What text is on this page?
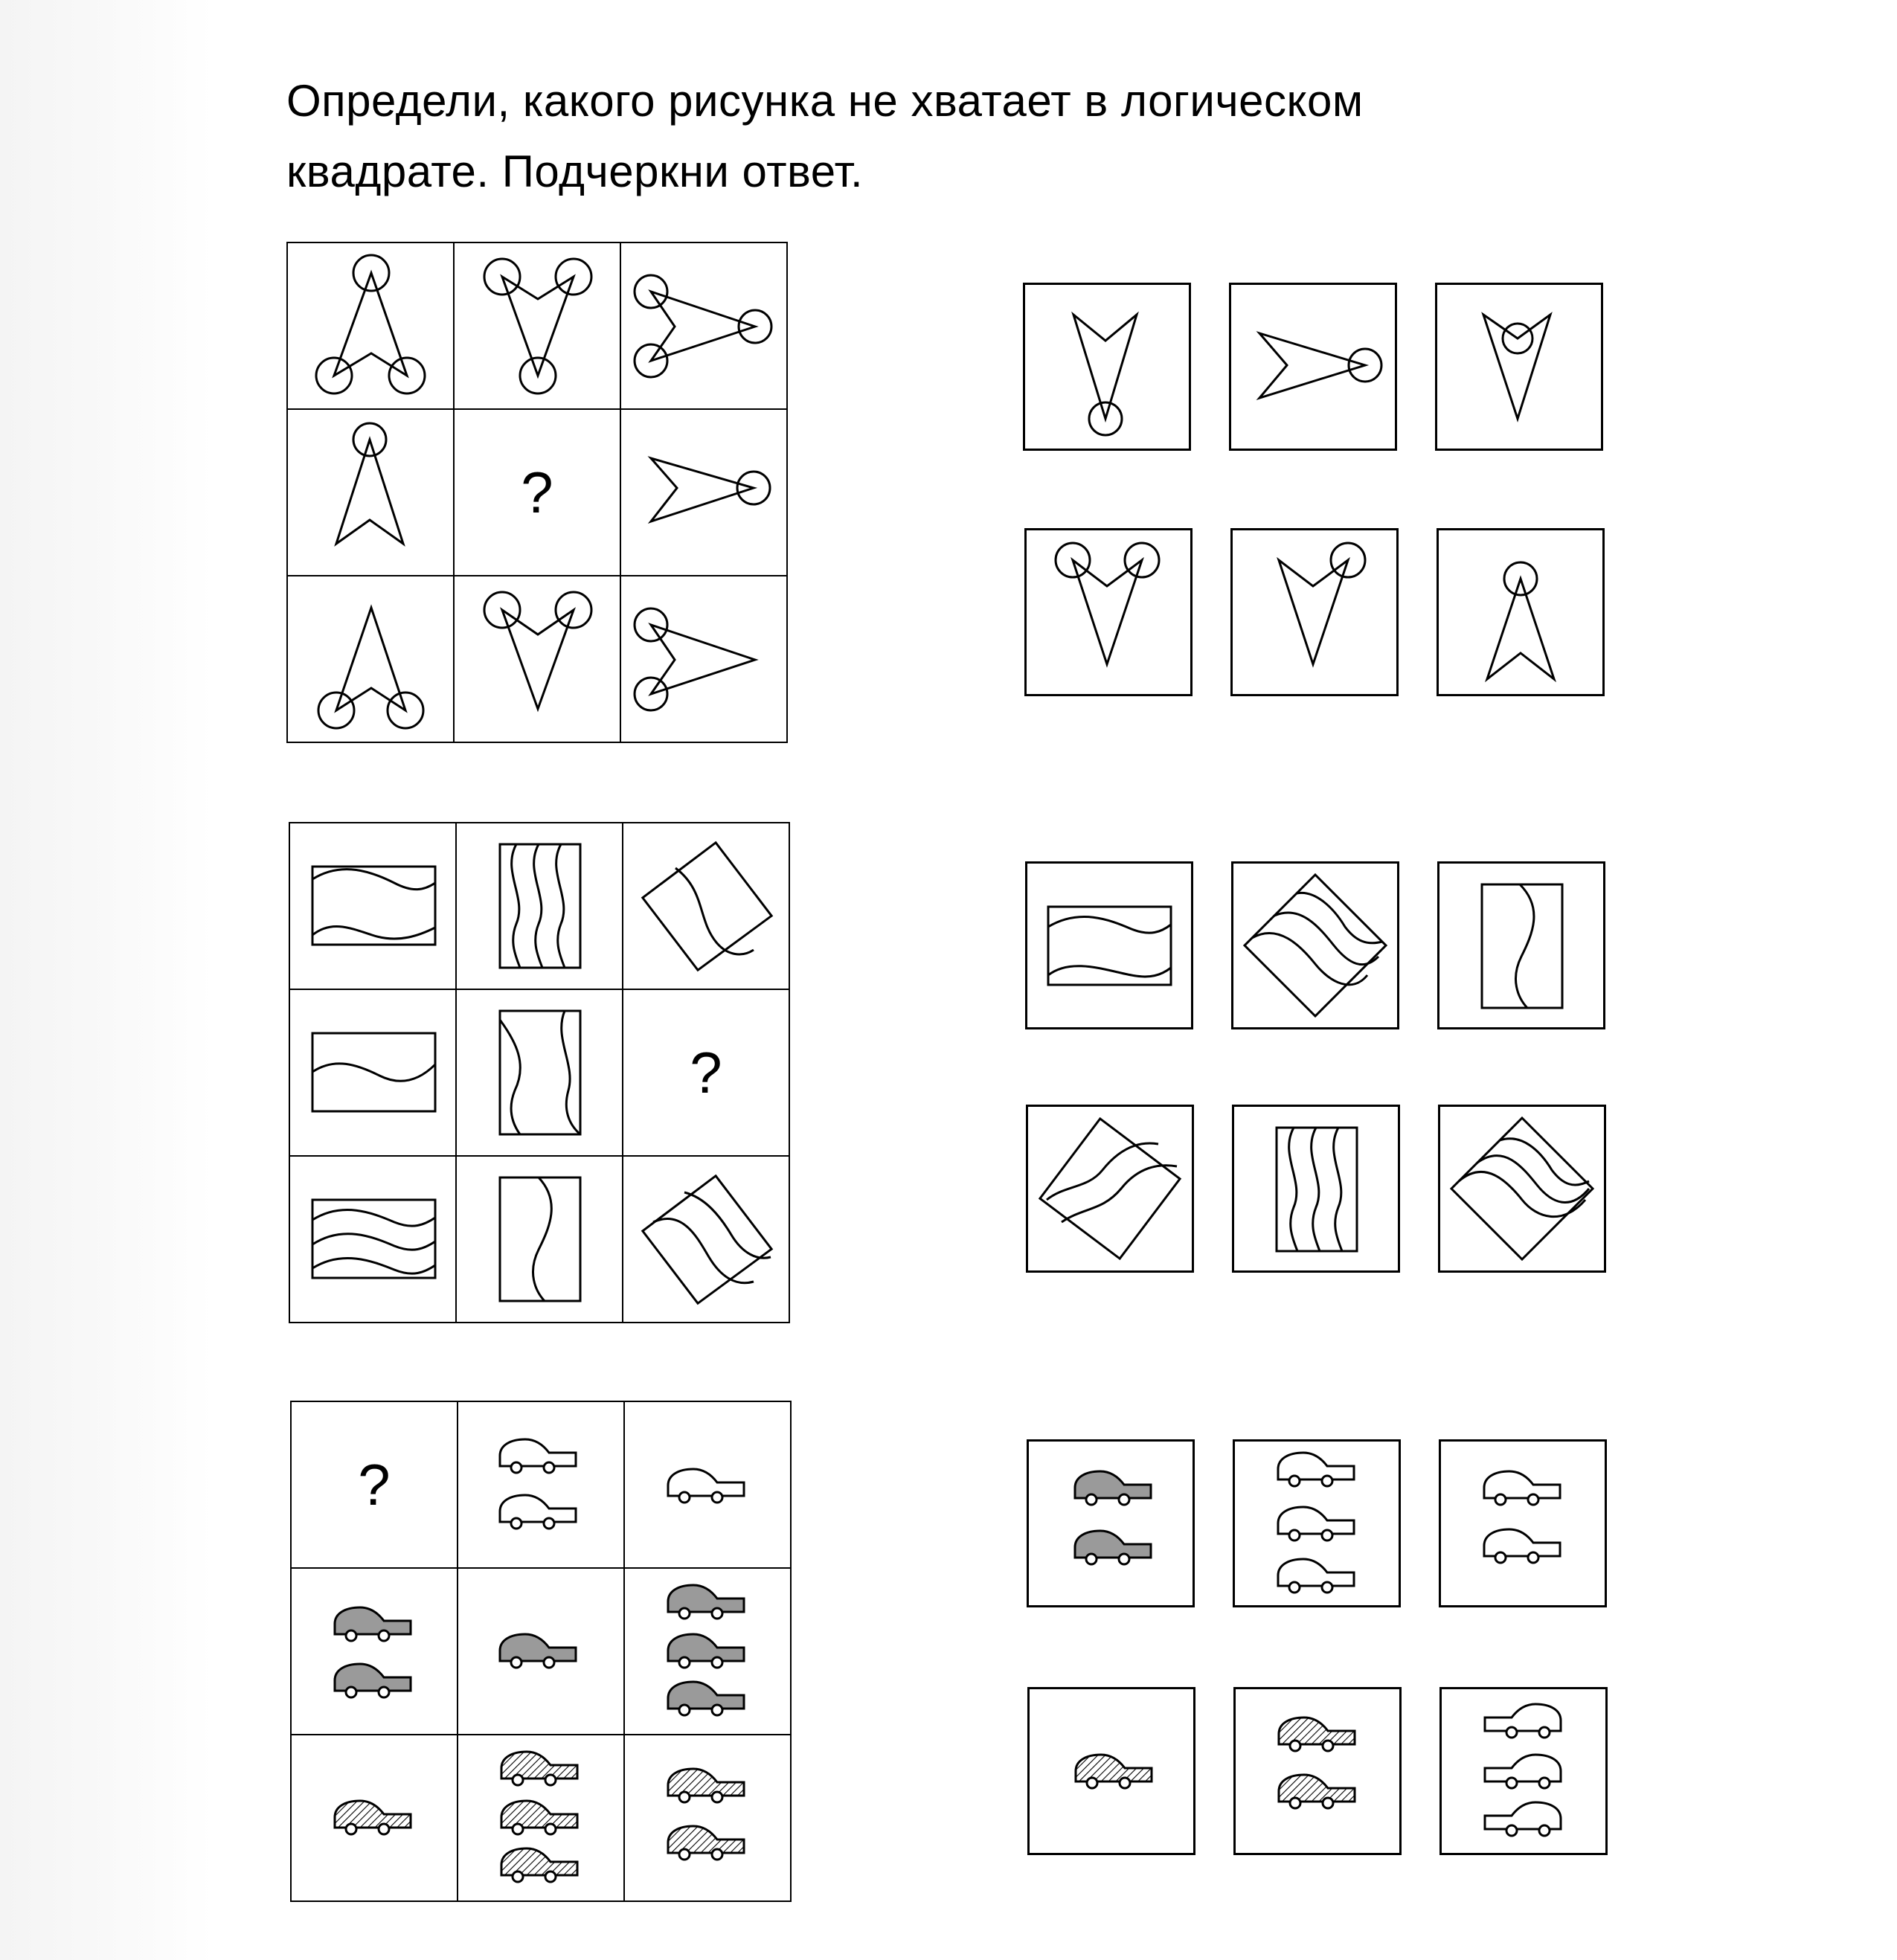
Определи, какого рисунка не хватает в логическом
квадрате. Подчеркни ответ.
?
?
?
